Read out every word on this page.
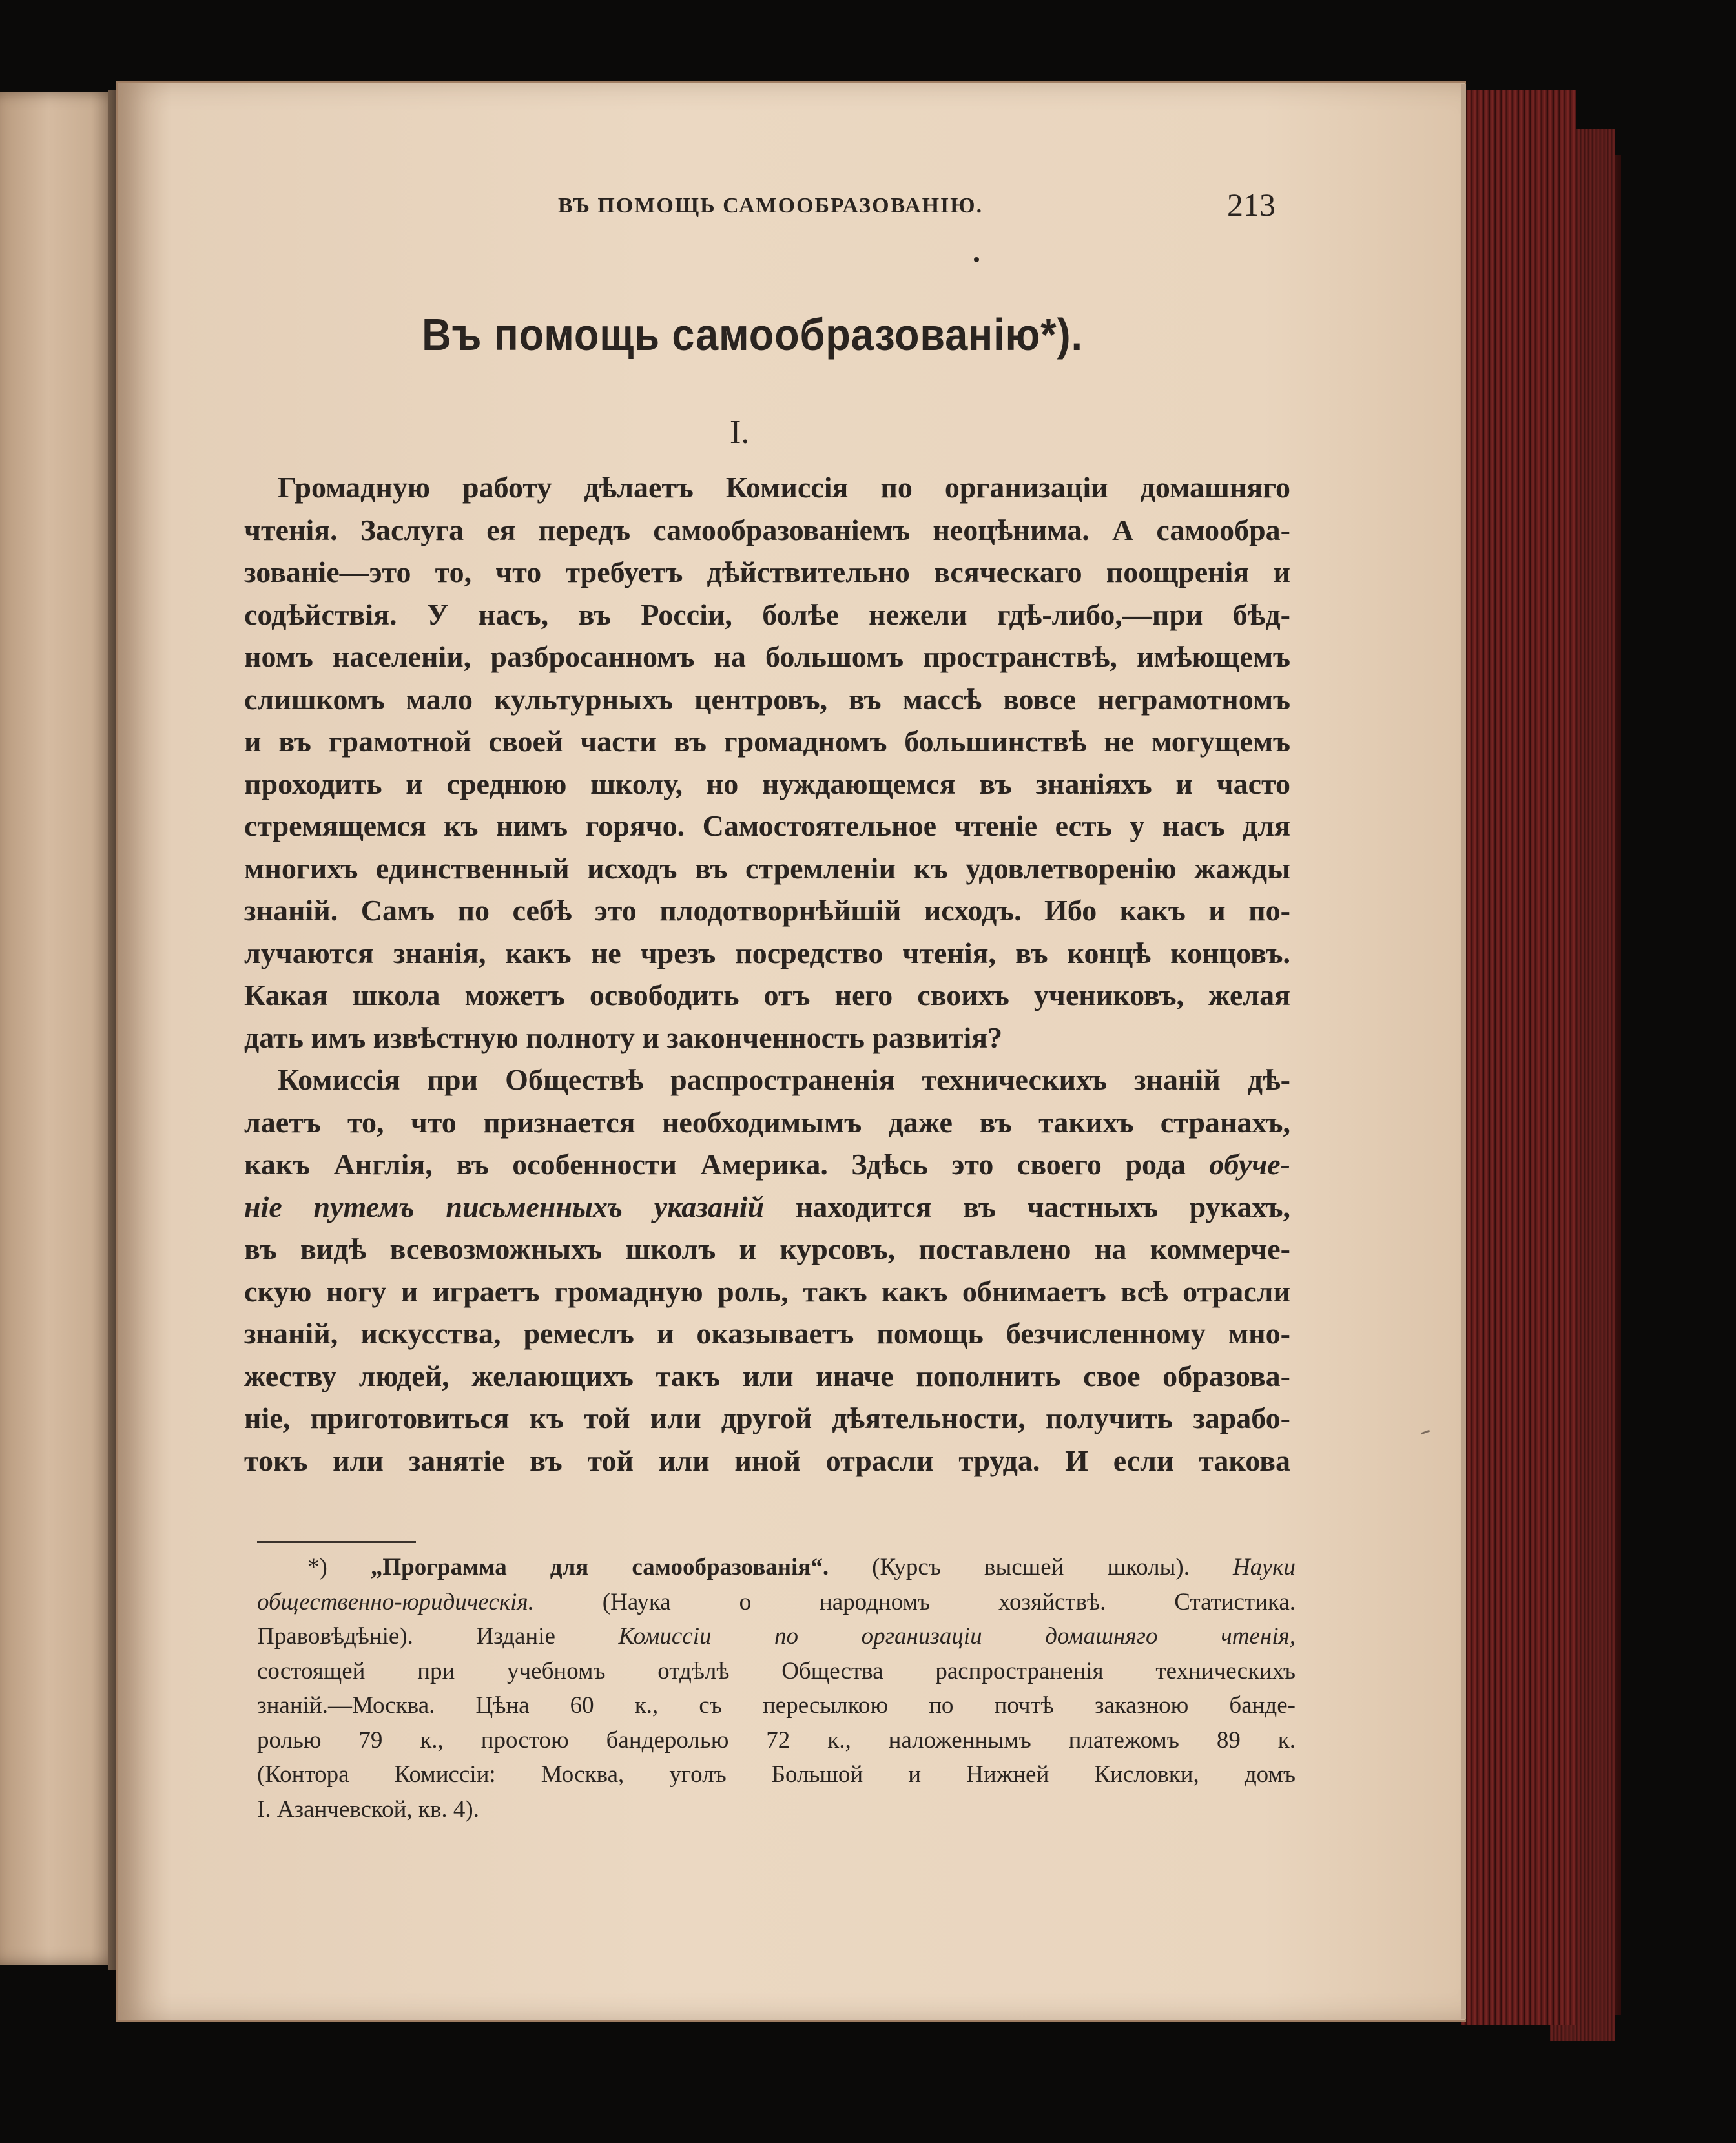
ВЪ ПОМОЩЬ САМООБРАЗОВАНІЮ.	213
Въ помощь самообразованію*).
I.
Громадную работу дѣлаетъ Комиссія по организаціи домашняго
чтенія. Заслуга ея передъ самообразованіемъ неоцѣнима. А самообра-
зованіе—это то, что требуетъ дѣйствительно всяческаго поощренія и
содѣйствія. У насъ, въ Россіи, болѣе нежели гдѣ-либо,—при бѣд-
номъ населеніи, разбросанномъ на большомъ пространствѣ, имѣющемъ
слишкомъ мало культурныхъ центровъ, въ массѣ вовсе неграмотномъ
и въ грамотной своей части въ громадномъ большинствѣ не могущемъ
проходить и среднюю школу, но нуждающемся въ знаніяхъ и часто
стремящемся къ нимъ горячо. Самостоятельное чтеніе есть у насъ для
многихъ единственный исходъ въ стремленіи къ удовлетворенію жажды
знаній. Самъ по себѣ это плодотворнѣйшій исходъ. Ибо какъ и по-
лучаются знанія, какъ не чрезъ посредство чтенія, въ концѣ концовъ.
Какая школа можетъ освободить отъ него своихъ учениковъ, желая
дать имъ извѣстную полноту и законченность развитія?
Комиссія при Обществѣ распространенія техническихъ знаній дѣ-
лаетъ то, что признается необходимымъ даже въ такихъ странахъ,
какъ Англія, въ особенности Америка. Здѣсь это своего рода обуче-
ніе путемъ письменныхъ указаній находится въ частныхъ рукахъ,
въ видѣ всевозможныхъ школъ и курсовъ, поставлено на коммерче-
скую ногу и играетъ громадную роль, такъ какъ обнимаетъ всѣ отрасли
знаній, искусства, ремеслъ и оказываетъ помощь безчисленному мно-
жеству людей, желающихъ такъ или иначе пополнить свое образова-
ніе, приготовиться къ той или другой дѣятельности, получить зарабо-
токъ или занятіе въ той или иной отрасли труда. И если такова
*) „Программа для самообразованія“. (Курсъ высшей школы). Науки
общественно-юридическія. (Наука о народномъ хозяйствѣ. Статистика.
Правовѣдѣніе). Изданіе Комиссіи по организаціи домашняго чтенія,
состоящей при учебномъ отдѣлѣ Общества распространенія техническихъ
знаній.—Москва. Цѣна 60 к., съ пересылкою по почтѣ заказною банде-
ролью 79 к., простою бандеролью 72 к., наложеннымъ платежомъ 89 к.
(Контора Комиссіи: Москва, уголъ Большой и Нижней Кисловки, домъ
I. Азанчевской, кв. 4).
